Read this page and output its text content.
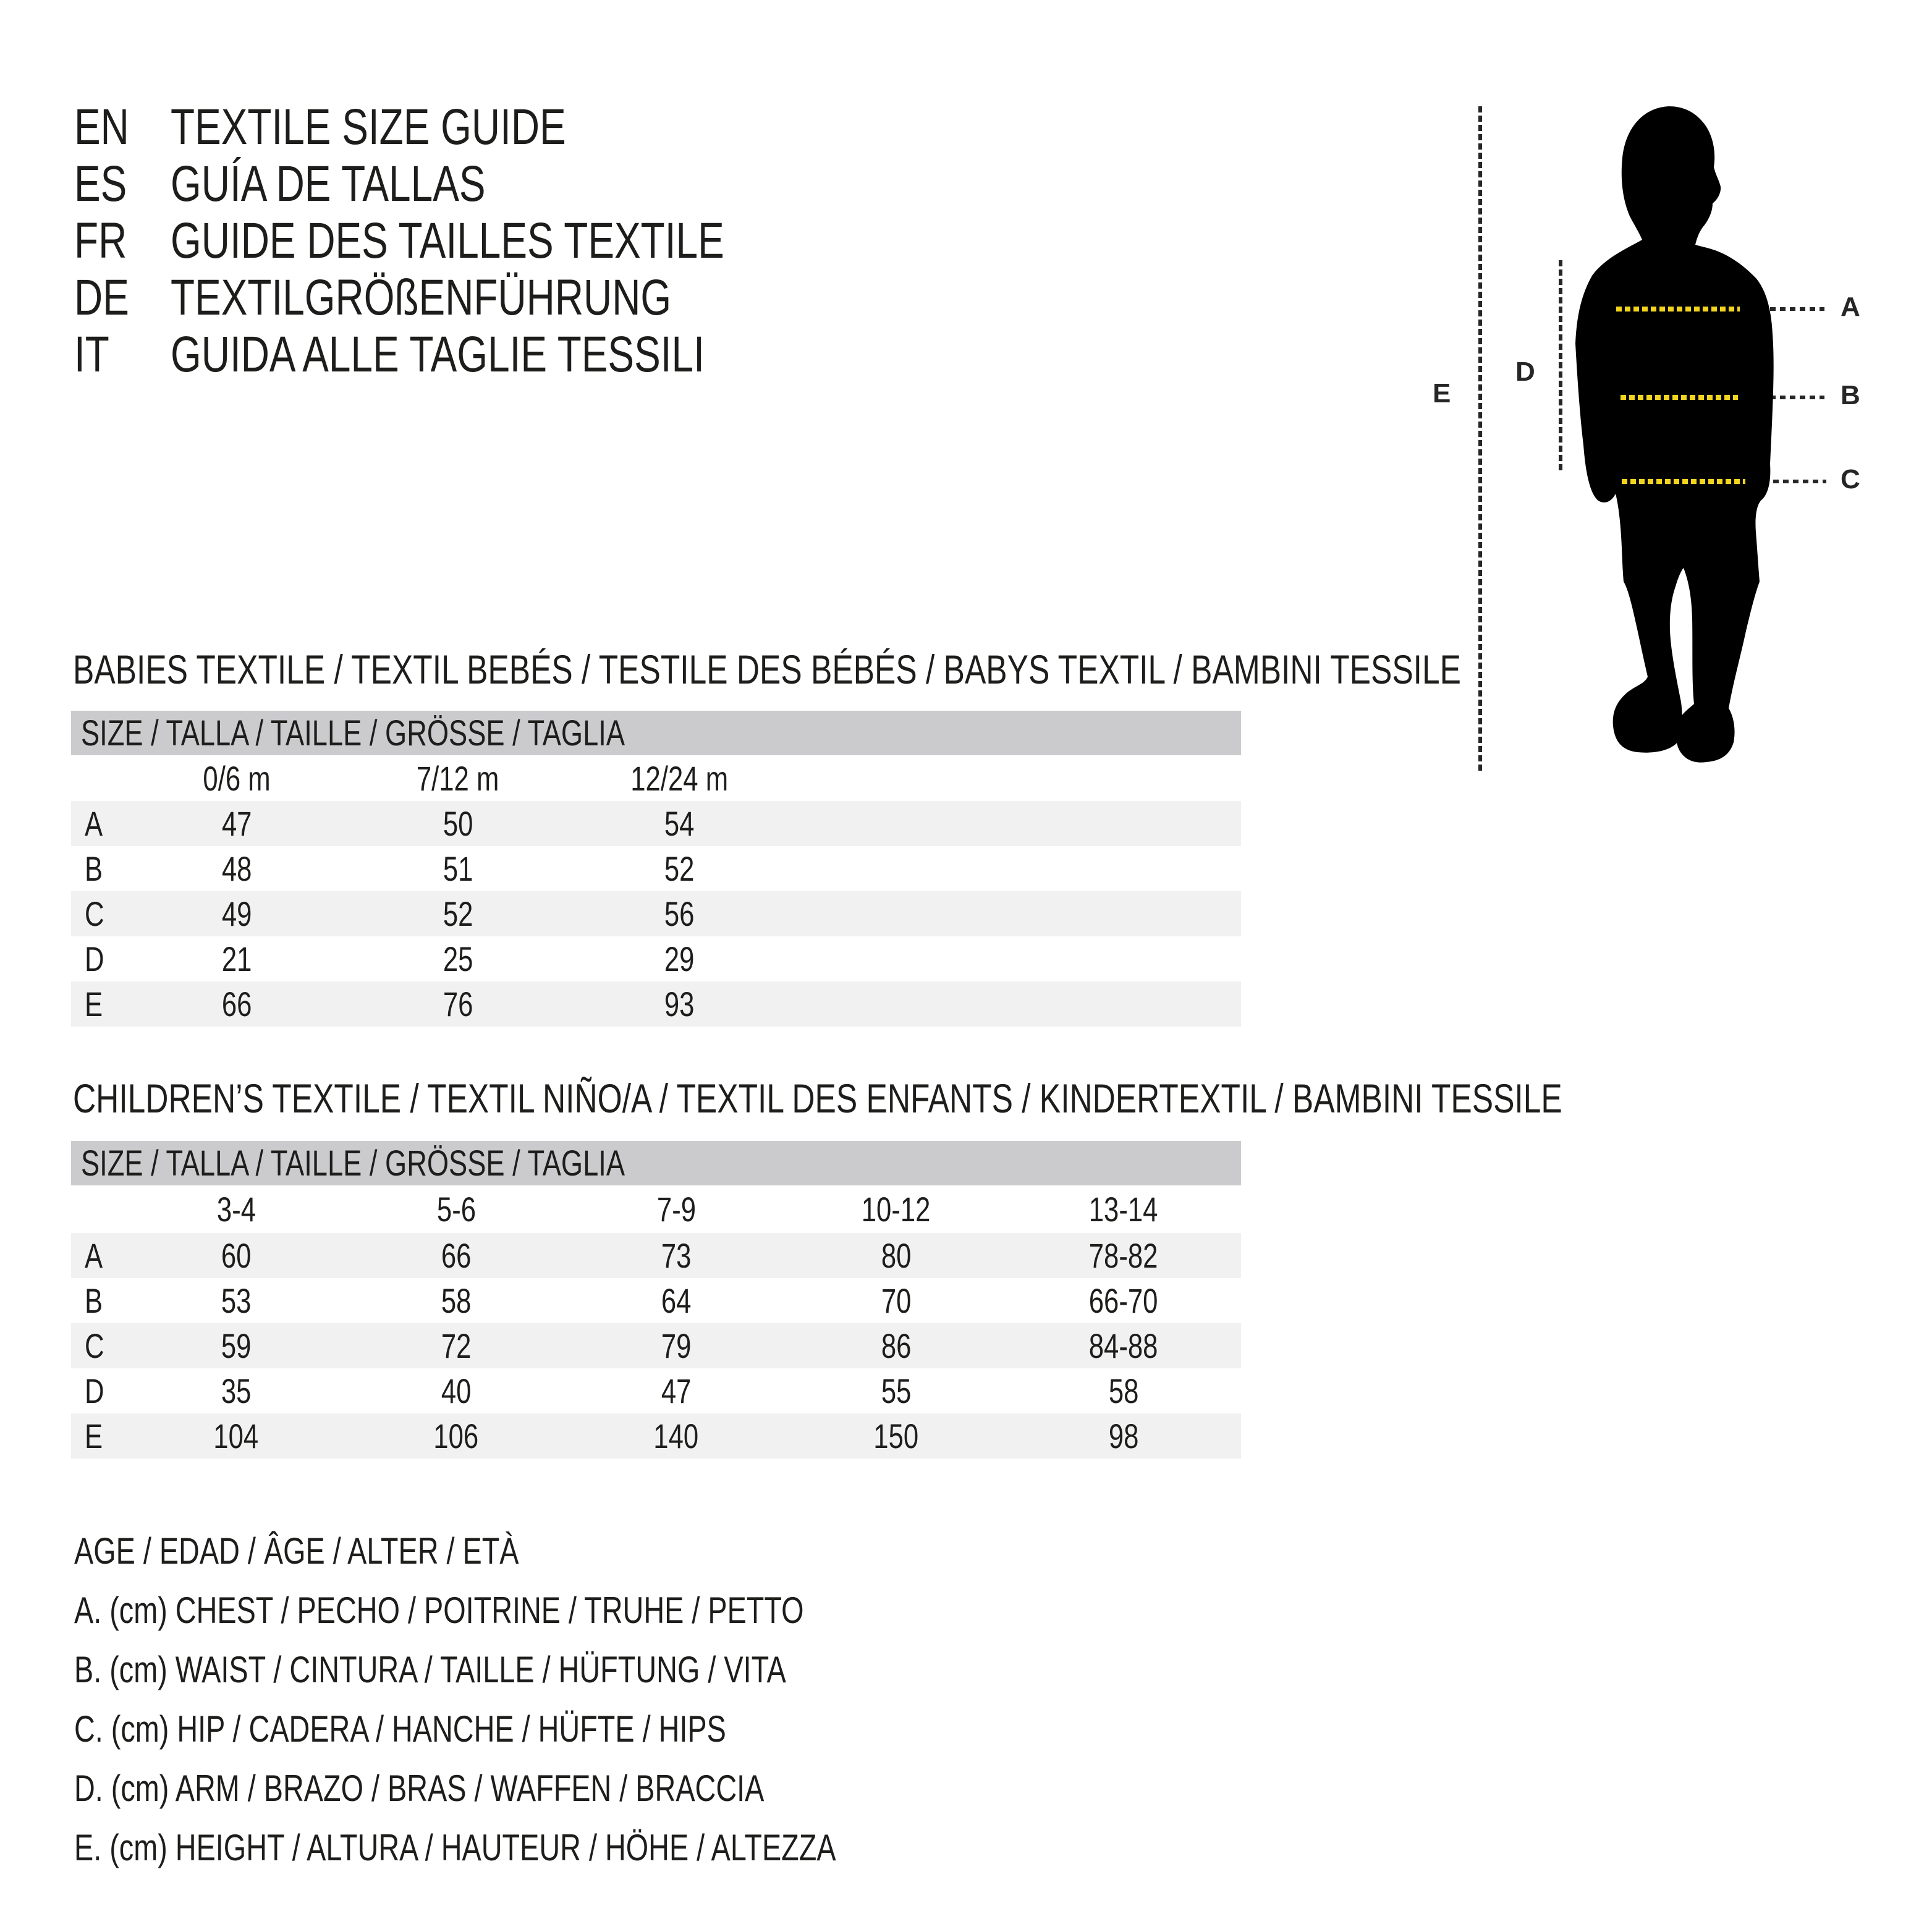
EN TEXTILE SIZE GUIDE
ES GUÍA DE TALLAS
FR GUIDE DES TAILLES TEXTILE
DE TEXTILGRÖßENFÜHRUNG
IT GUIDA ALLE TAGLIE TESSILI
E
D
A
B
C
BABIES TEXTILE / TEXTIL BEBÉS / TESTILE DES BÉBÉS / BABYS TEXTIL / BAMBINI TESSILE
SIZE / TALLA / TAILLE / GRÖSSE / TAGLIA
0/6 m	7/12 m	12/24 m
A	47	50	54
B	48	51	52
C	49	52	56
D	21	25	29
E	66	76	93
CHILDREN’S TEXTILE / TEXTIL NIÑO/A / TEXTIL DES ENFANTS / KINDERTEXTIL / BAMBINI TESSILE
SIZE / TALLA / TAILLE / GRÖSSE / TAGLIA
3-4	5-6	7-9	10-12	13-14
A	60	66	73	80	78-82
B	53	58	64	70	66-70
C	59	72	79	86	84-88
D	35	40	47	55	58
E	104	106	140	150	98
AGE / EDAD / ÂGE / ALTER / ETÀ
A. (cm) CHEST / PECHO / POITRINE / TRUHE / PETTO
B. (cm) WAIST / CINTURA / TAILLE / HÜFTUNG / VITA
C. (cm) HIP / CADERA / HANCHE / HÜFTE / HIPS
D. (cm) ARM / BRAZO / BRAS / WAFFEN / BRACCIA
E. (cm) HEIGHT / ALTURA / HAUTEUR / HÖHE / ALTEZZA
